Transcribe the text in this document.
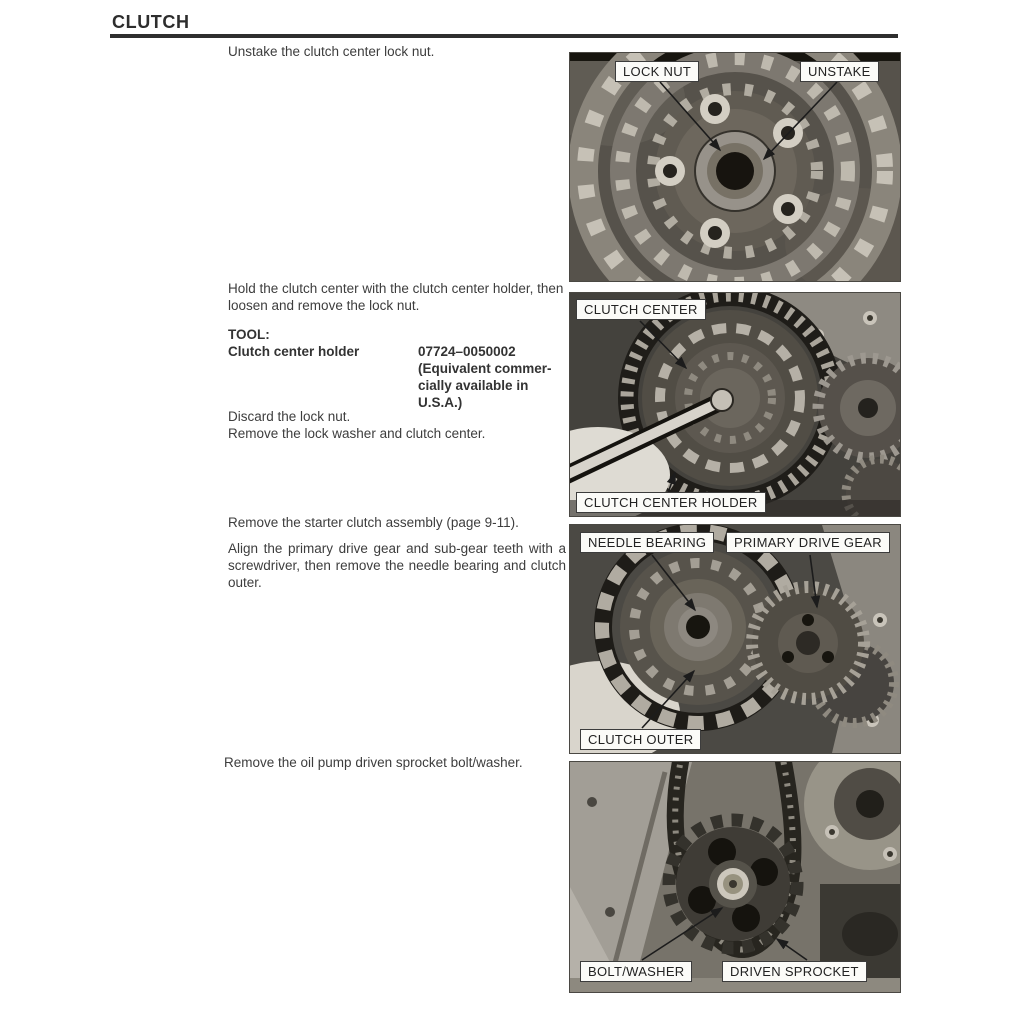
CLUTCH

Unstake the clutch center lock nut.

Hold the clutch center with the clutch center holder, then loosen and remove the lock nut.

TOOL:
Clutch center holder	07724–0050002
(Equivalent commer-
cially available in
U.S.A.)
Discard the lock nut.
Remove the lock washer and clutch center.

Remove the starter clutch assembly (page 9-11).

Align the primary drive gear and sub-gear teeth with a screwdriver, then remove the needle bearing and clutch outer.

Remove the oil pump driven sprocket bolt/washer.

LOCK NUT	UNSTAKE
CLUTCH CENTER
CLUTCH CENTER HOLDER
NEEDLE BEARING	PRIMARY DRIVE GEAR
CLUTCH OUTER
BOLT/WASHER	DRIVEN SPROCKET
